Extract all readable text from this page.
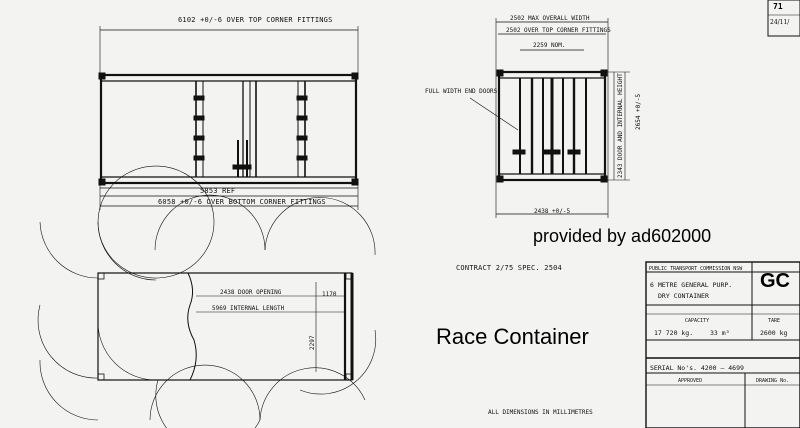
6102 +0/-6 OVER TOP CORNER FITTINGS
5853 REF
6058 +0/-6 OVER BOTTOM CORNER FITTINGS
2502 MAX OVERALL WIDTH
2502 OVER TOP CORNER FITTINGS
2259 NOM.
FULL WIDTH END DOORS.	2343 DOOR AND INTERNAL HEIGHT 2654 +0/-5
2438 +0/-5
2438 DOOR OPENING
5969 INTERNAL LENGTH
1170
2297
CONTRACT 2/75 SPEC. 2504	PUBLIC TRANSPORT COMMISSION NSW
6 METRE GENERAL PURP.
DRY CONTAINER
CAPACITY
17 720 kg.	33 m³
TARE
2600 kg
SERIAL No's. 4200 — 4699
APPROVED	DRAWING No.
ALL DIMENSIONS IN MILLIMETRES
71
24/11/
GC
provided by ad602000
Race Container
